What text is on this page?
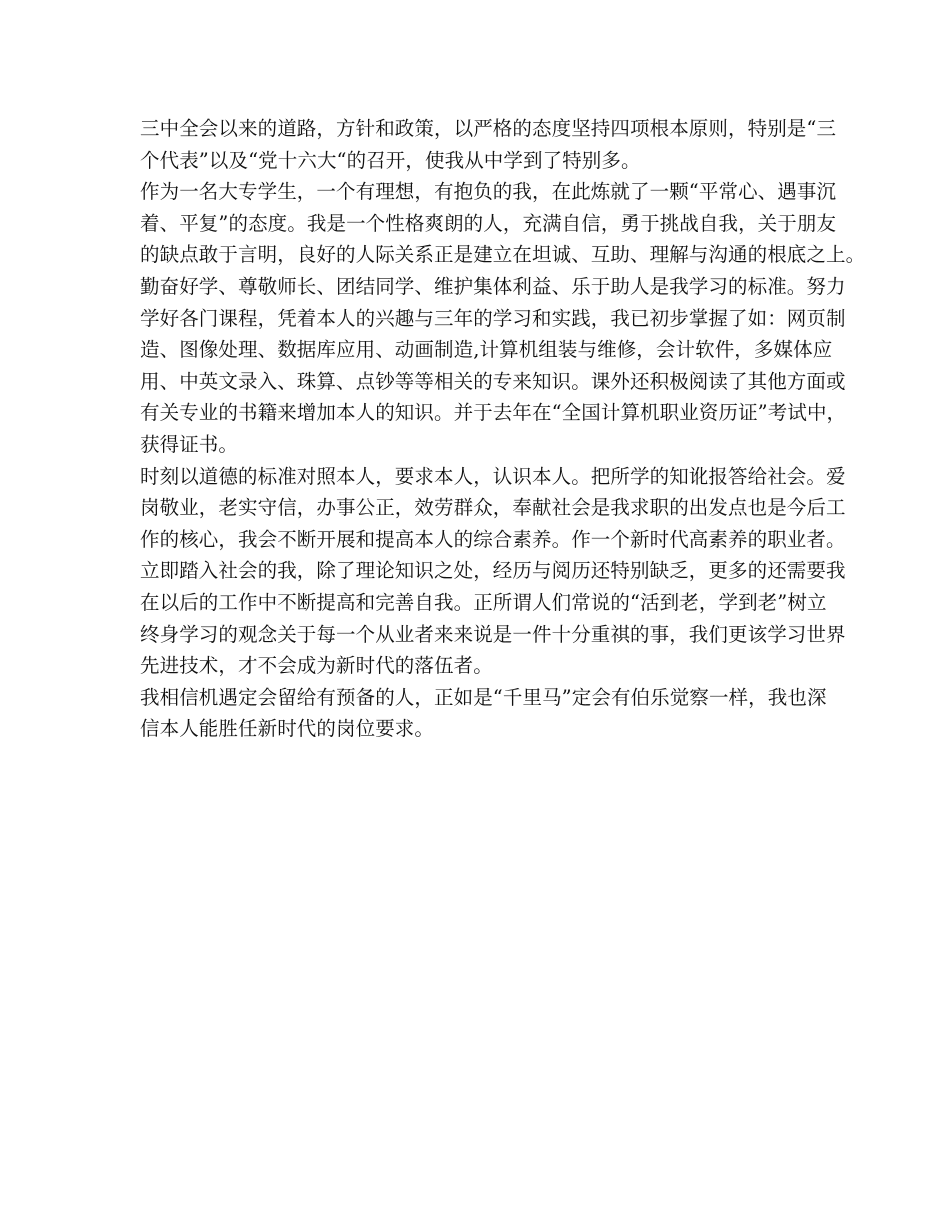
三中全会以来的道路，方针和政策，以严格的态度坚持四项根本原则，特别是“三
个代表”以及“党十六大“的召开，使我从中学到了特别多。
作为一名大专学生，一个有理想，有抱负的我，在此炼就了一颗“平常心、遇事沉
着、平复”的态度。我是一个性格爽朗的人，充满自信，勇于挑战自我，关于朋友
的缺点敢于言明，良好的人际关系正是建立在坦诚、互助、理解与沟通的根底之上。
勤奋好学、尊敬师长、团结同学、维护集体利益、乐于助人是我学习的标准。努力
学好各门课程，凭着本人的兴趣与三年的学习和实践，我已初步掌握了如：网页制
造、图像处理、数据库应用、动画制造,计算机组装与维修，会计软件，多媒体应
用、中英文录入、珠算、点钞等等相关的专来知识。课外还积极阅读了其他方面或
有关专业的书籍来增加本人的知识。并于去年在“全国计算机职业资历证”考试中，
获得证书。
时刻以道德的标准对照本人，要求本人，认识本人。把所学的知讹报答给社会。爱
岗敬业，老实守信，办事公正，效劳群众，奉献社会是我求职的出发点也是今后工
作的核心，我会不断开展和提高本人的综合素养。作一个新时代高素养的职业者。
立即踏入社会的我，除了理论知识之处，经历与阅历还特别缺乏，更多的还需要我
在以后的工作中不断提高和完善自我。正所谓人们常说的“活到老，学到老”树立
终身学习的观念关于每一个从业者来来说是一件十分重祺的事，我们更该学习世界
先进技术，才不会成为新时代的落伍者。
我相信机遇定会留给有预备的人，正如是“千里马”定会有伯乐觉察一样，我也深
信本人能胜任新时代的岗位要求。
